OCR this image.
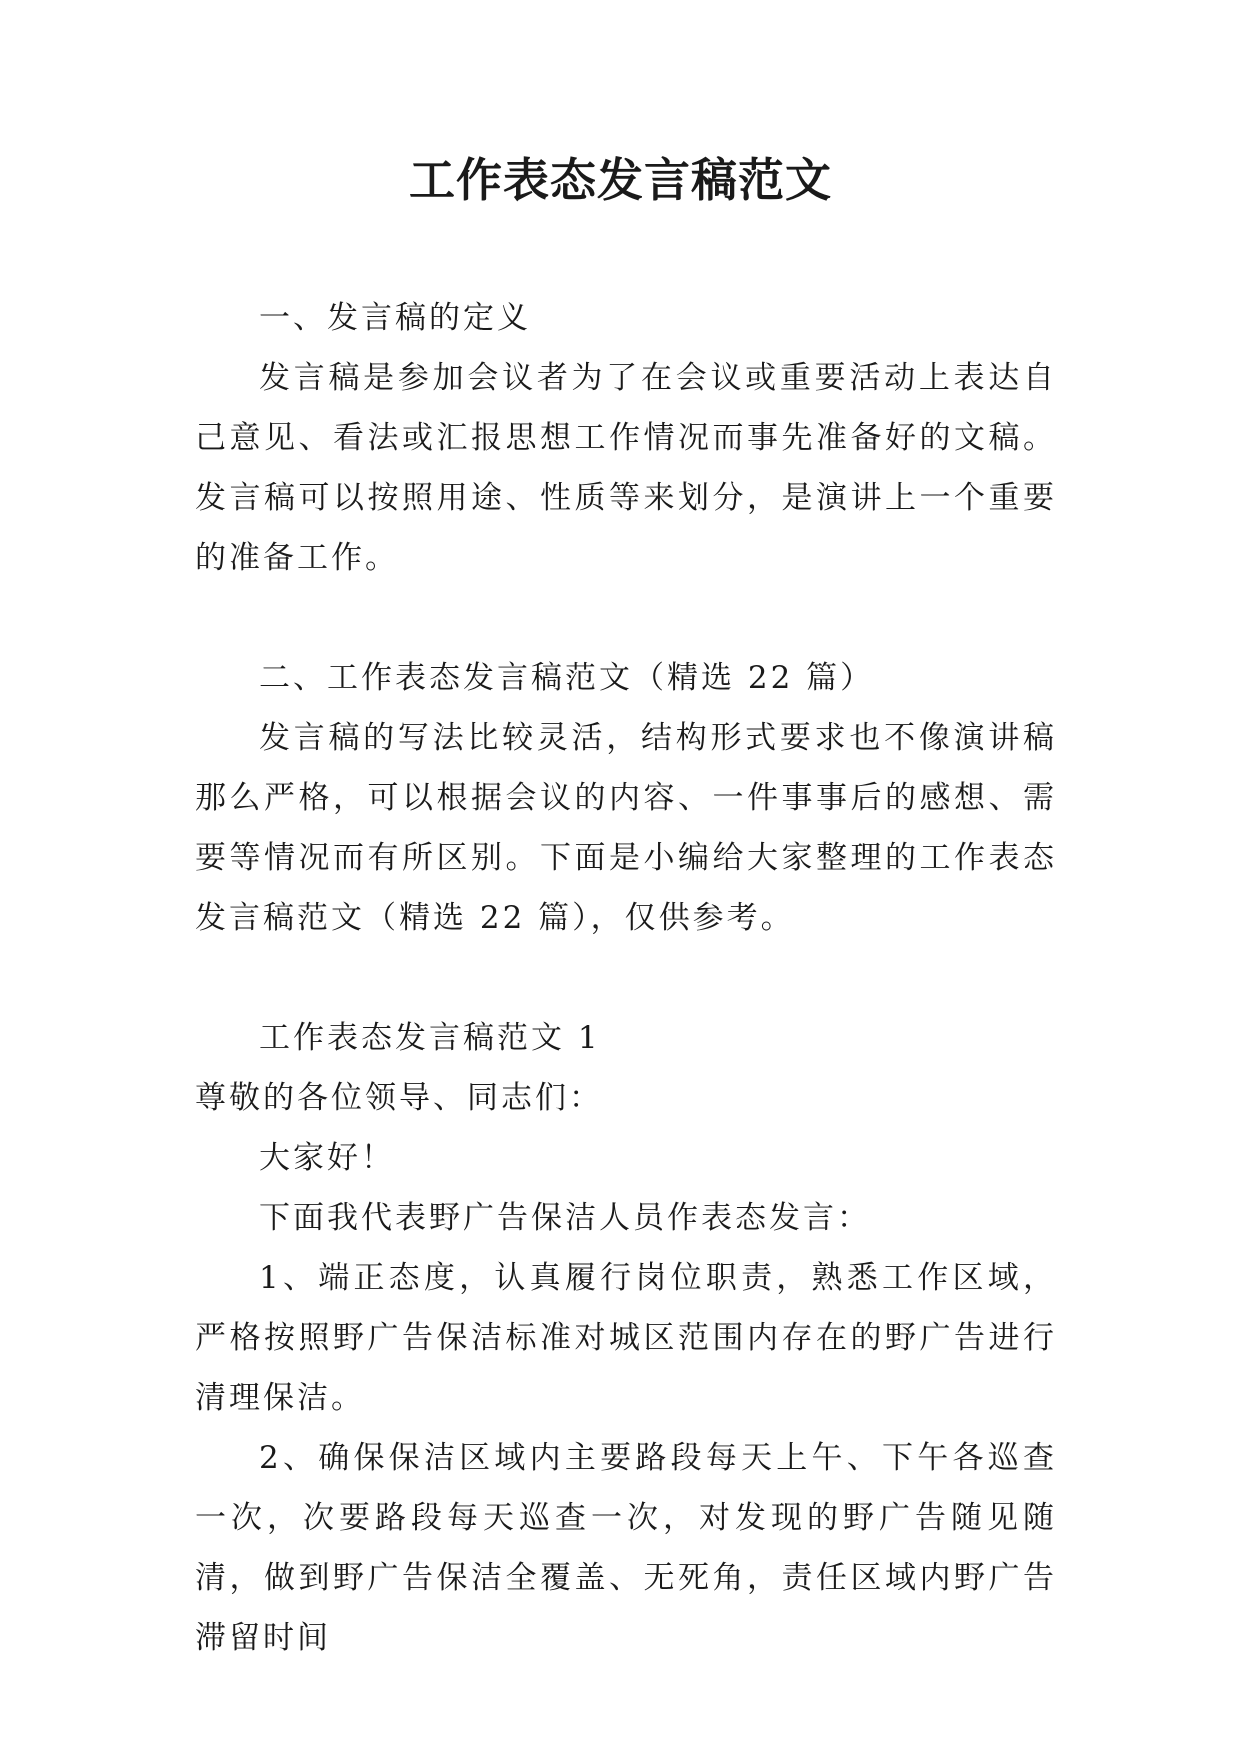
工作表态发言稿范文

一、发言稿的定义

发言稿是参加会议者为了在会议或重要活动上表达自己意见、看法或汇报思想工作情况而事先准备好的文稿。发言稿可以按照用途、性质等来划分，是演讲上一个重要的准备工作。

二、工作表态发言稿范文（精选 22 篇）

发言稿的写法比较灵活，结构形式要求也不像演讲稿那么严格，可以根据会议的内容、一件事事后的感想、需要等情况而有所区别。下面是小编给大家整理的工作表态发言稿范文（精选 22 篇），仅供参考。

工作表态发言稿范文 1

尊敬的各位领导、同志们：

大家好！

下面我代表野广告保洁人员作表态发言：

1、端正态度，认真履行岗位职责，熟悉工作区域，严格按照野广告保洁标准对城区范围内存在的野广告进行清理保洁。

2、确保保洁区域内主要路段每天上午、下午各巡查一次，次要路段每天巡查一次，对发现的野广告随见随清，做到野广告保洁全覆盖、无死角，责任区域内野广告滞留时间
